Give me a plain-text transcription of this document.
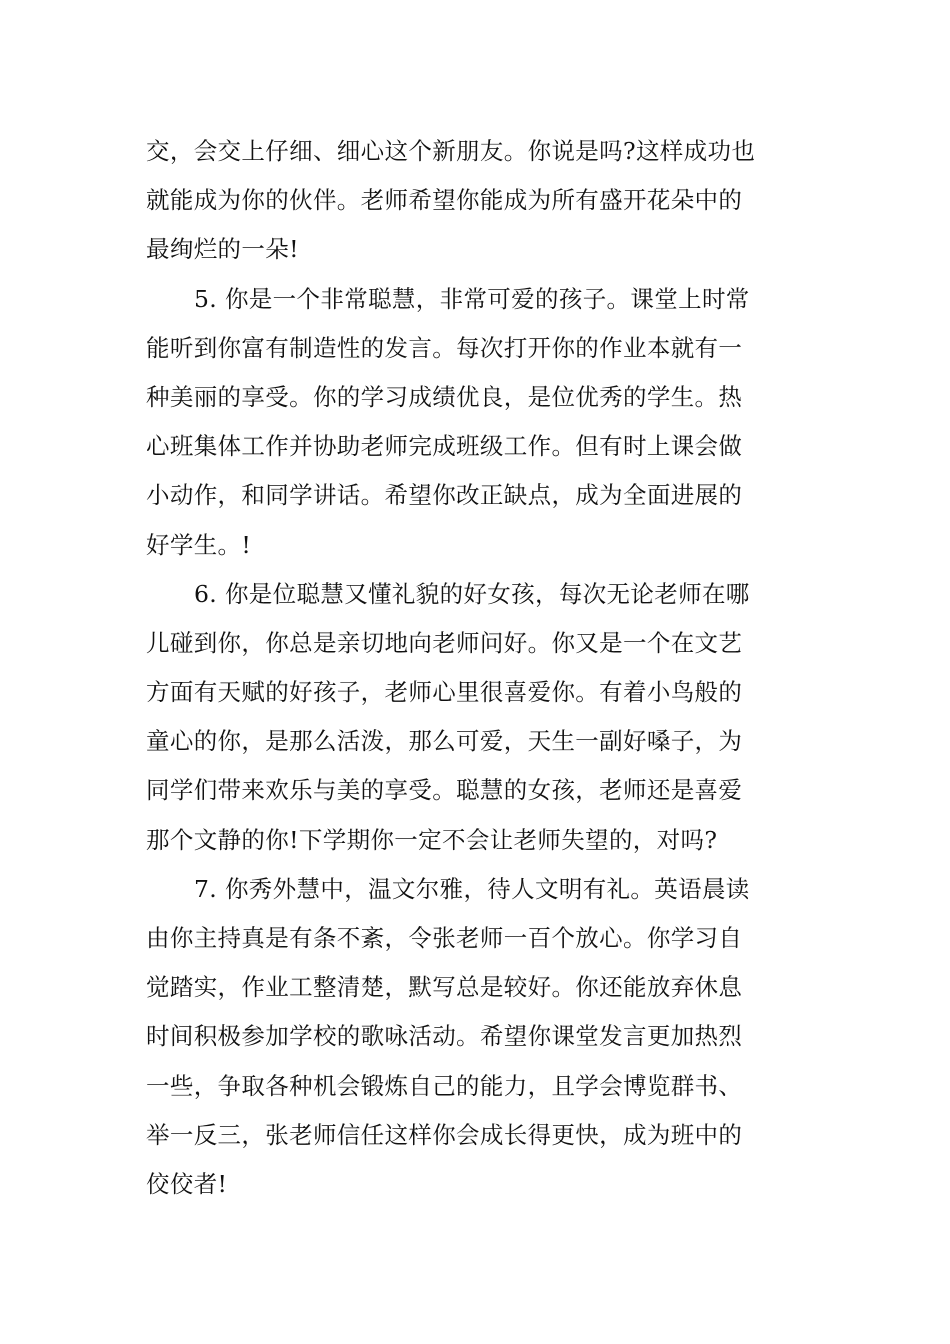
交，会交上仔细、细心这个新朋友。你说是吗?这样成功也
就能成为你的伙伴。老师希望你能成为所有盛开花朵中的
最绚烂的一朵!
5. 你是一个非常聪慧，非常可爱的孩子。课堂上时常
能听到你富有制造性的发言。每次打开你的作业本就有一
种美丽的享受。你的学习成绩优良，是位优秀的学生。热
心班集体工作并协助老师完成班级工作。但有时上课会做
小动作，和同学讲话。希望你改正缺点，成为全面进展的
好学生。!
6. 你是位聪慧又懂礼貌的好女孩，每次无论老师在哪
儿碰到你，你总是亲切地向老师问好。你又是一个在文艺
方面有天赋的好孩子，老师心里很喜爱你。有着小鸟般的
童心的你，是那么活泼，那么可爱，天生一副好嗓子，为
同学们带来欢乐与美的享受。聪慧的女孩，老师还是喜爱
那个文静的你!下学期你一定不会让老师失望的，对吗?
7. 你秀外慧中，温文尔雅，待人文明有礼。英语晨读
由你主持真是有条不紊，令张老师一百个放心。你学习自
觉踏实，作业工整清楚，默写总是较好。你还能放弃休息
时间积极参加学校的歌咏活动。希望你课堂发言更加热烈
一些，争取各种机会锻炼自己的能力，且学会博览群书、
举一反三，张老师信任这样你会成长得更快，成为班中的
佼佼者!
